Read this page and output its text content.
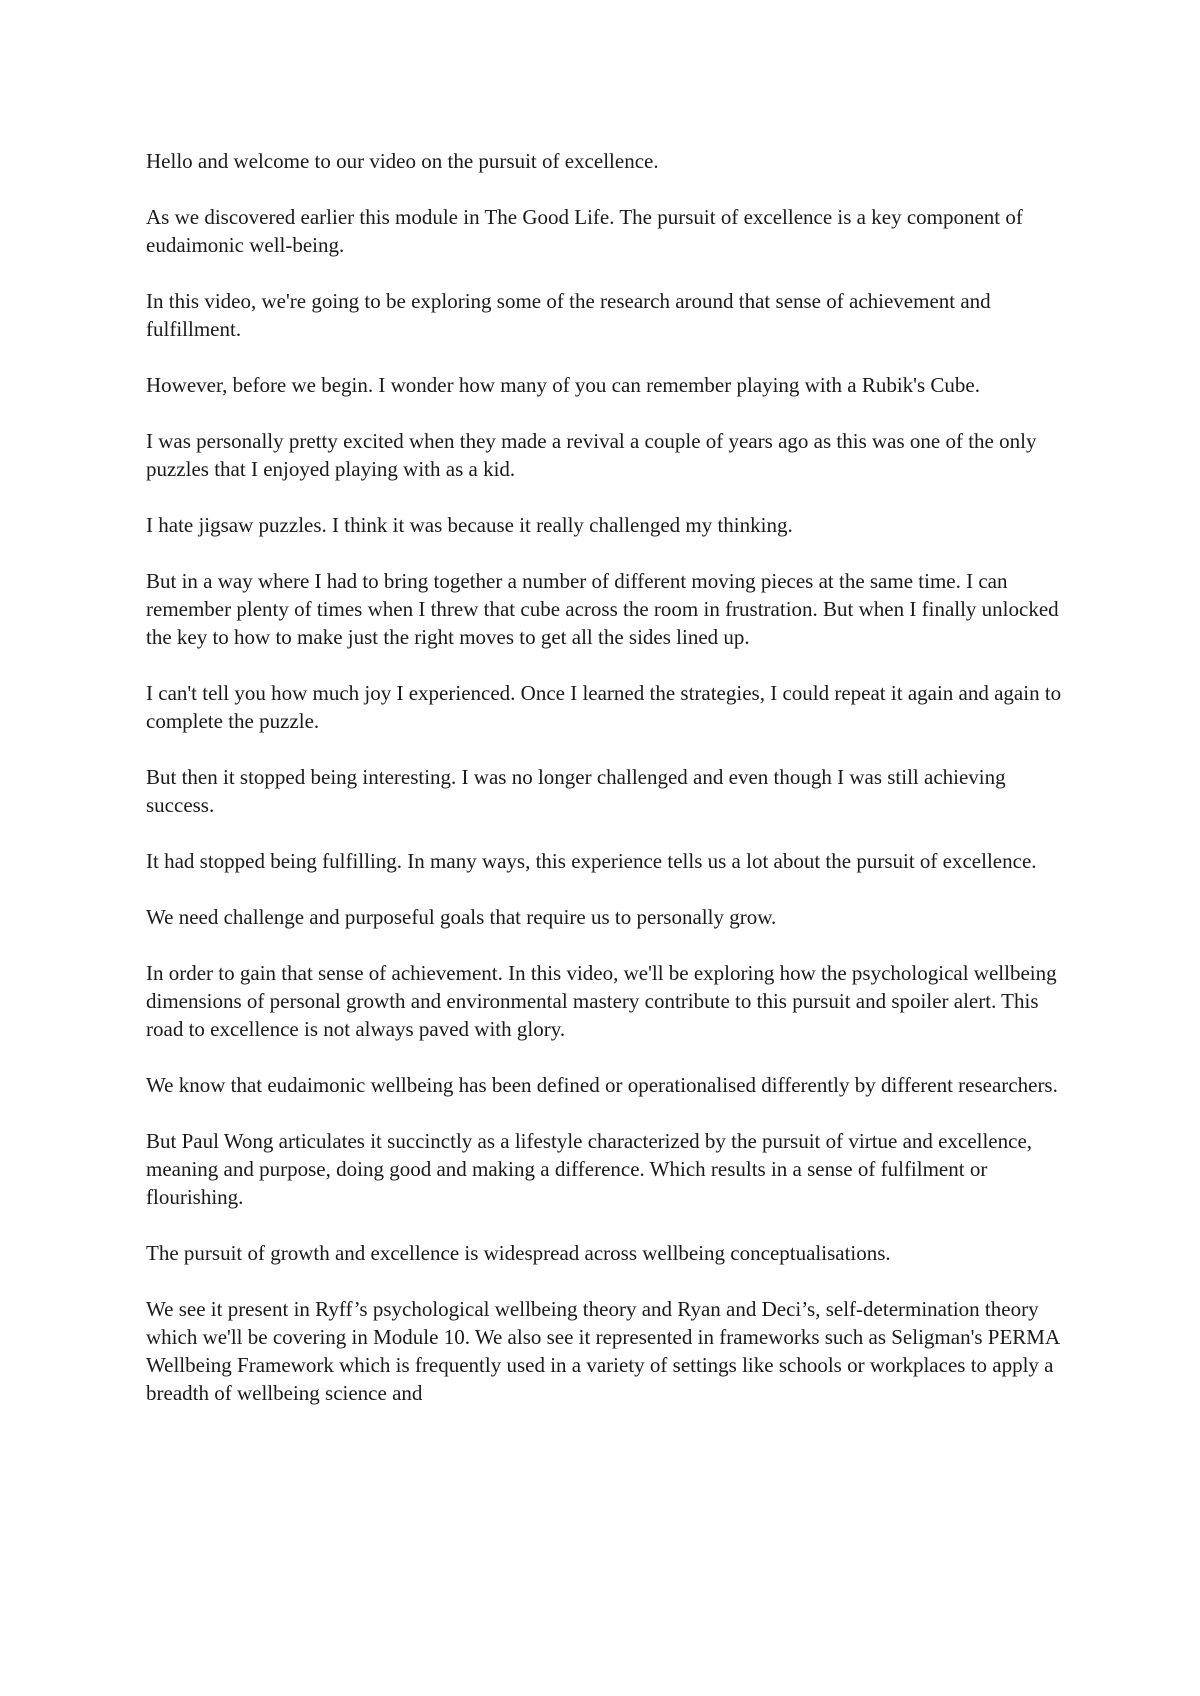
Hello and welcome to our video on the pursuit of excellence.

As we discovered earlier this module in The Good Life. The pursuit of excellence is a key component of eudaimonic well-being.

In this video, we're going to be exploring some of the research around that sense of achievement and fulfillment.

However, before we begin. I wonder how many of you can remember playing with a Rubik's Cube.

I was personally pretty excited when they made a revival a couple of years ago as this was one of the only puzzles that I enjoyed playing with as a kid.

I hate jigsaw puzzles. I think it was because it really challenged my thinking.

But in a way where I had to bring together a number of different moving pieces at the same time. I can remember plenty of times when I threw that cube across the room in frustration. But when I finally unlocked the key to how to make just the right moves to get all the sides lined up.

I can't tell you how much joy I experienced. Once I learned the strategies, I could repeat it again and again to complete the puzzle.

But then it stopped being interesting. I was no longer challenged and even though I was still achieving success.

It had stopped being fulfilling. In many ways, this experience tells us a lot about the pursuit of excellence.

We need challenge and purposeful goals that require us to personally grow.

In order to gain that sense of achievement. In this video, we'll be exploring how the psychological wellbeing dimensions of personal growth and environmental mastery contribute to this pursuit and spoiler alert. This road to excellence is not always paved with glory.

We know that eudaimonic wellbeing has been defined or operationalised differently by different researchers.

But Paul Wong articulates it succinctly as a lifestyle characterized by the pursuit of virtue and excellence, meaning and purpose, doing good and making a difference. Which results in a sense of fulfilment or flourishing.

The pursuit of growth and excellence is widespread across wellbeing conceptualisations.

We see it present in Ryff’s psychological wellbeing theory and Ryan and Deci’s, self-determination theory which we'll be covering in Module 10. We also see it represented in frameworks such as Seligman's PERMA Wellbeing Framework which is frequently used in a variety of settings like schools or workplaces to apply a breadth of wellbeing science and
